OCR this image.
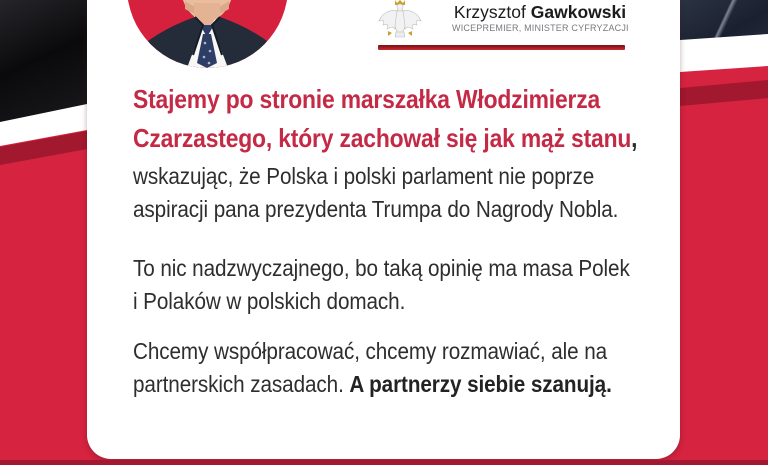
Krzysztof Gawkowski
WICEPREMIER, MINISTER CYFRYZACJI
Stajemy po stronie marszałka Włodzimierza
Czarzastego, który zachował się jak mąż stanu,

wskazując, że Polska i polski parlament nie poprze
aspiracji pana prezydenta Trumpa do Nagrody Nobla.

To nic nadzwyczajnego, bo taką opinię ma masa Polek
i Polaków w polskich domach.

Chcemy współpracować, chcemy rozmawiać, ale na
partnerskich zasadach. A partnerzy siebie szanują.
